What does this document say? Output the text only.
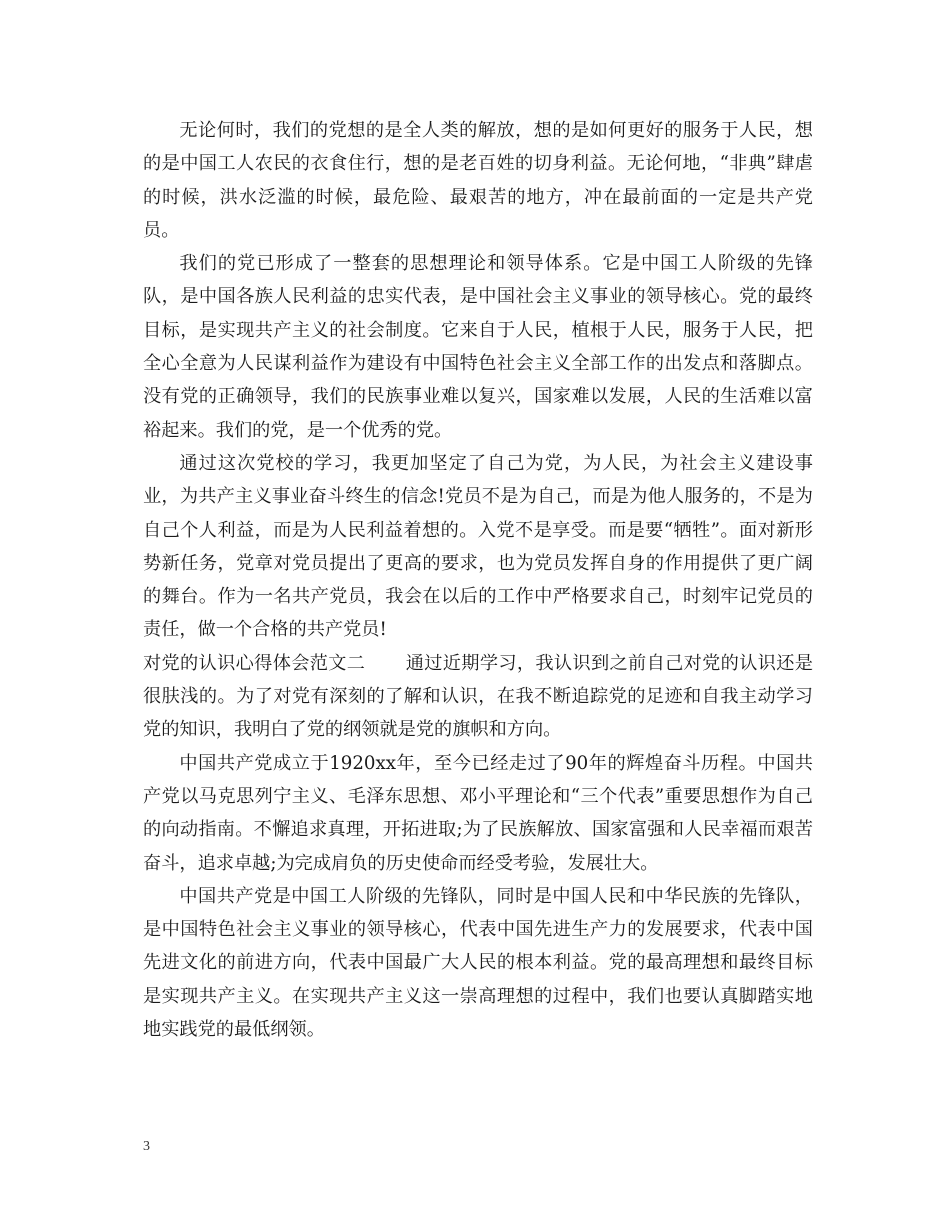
无论何时，我们的党想的是全人类的解放，想的是如何更好的服务于人民，想的是中国工人农民的衣食住行，想的是老百姓的切身利益。无论何地，“非典”肆虐的时候，洪水泛滥的时候，最危险、最艰苦的地方，冲在最前面的一定是共产党员。

我们的党已形成了一整套的思想理论和领导体系。它是中国工人阶级的先锋队，是中国各族人民利益的忠实代表，是中国社会主义事业的领导核心。党的最终目标，是实现共产主义的社会制度。它来自于人民，植根于人民，服务于人民，把全心全意为人民谋利益作为建设有中国特色社会主义全部工作的出发点和落脚点。没有党的正确领导，我们的民族事业难以复兴，国家难以发展，人民的生活难以富裕起来。我们的党，是一个优秀的党。

通过这次党校的学习，我更加坚定了自己为党，为人民，为社会主义建设事业，为共产主义事业奋斗终生的信念!党员不是为自己，而是为他人服务的，不是为自己个人利益，而是为人民利益着想的。入党不是享受。而是要“牺牲”。面对新形势新任务，党章对党员提出了更高的要求，也为党员发挥自身的作用提供了更广阔的舞台。作为一名共产党员，我会在以后的工作中严格要求自己，时刻牢记党员的责任，做一个合格的共产党员!

对党的认识心得体会范文二 通过近期学习，我认识到之前自己对党的认识还是很肤浅的。为了对党有深刻的了解和认识，在我不断追踪党的足迹和自我主动学习党的知识，我明白了党的纲领就是党的旗帜和方向。

中国共产党成立于1920xx年，至今已经走过了90年的辉煌奋斗历程。中国共产党以马克思列宁主义、毛泽东思想、邓小平理论和“三个代表”重要思想作为自己的向动指南。不懈追求真理，开拓进取;为了民族解放、国家富强和人民幸福而艰苦奋斗，追求卓越;为完成肩负的历史使命而经受考验，发展壮大。

中国共产党是中国工人阶级的先锋队，同时是中国人民和中华民族的先锋队，是中国特色社会主义事业的领导核心，代表中国先进生产力的发展要求，代表中国先进文化的前进方向，代表中国最广大人民的根本利益。党的最高理想和最终目标是实现共产主义。在实现共产主义这一崇高理想的过程中，我们也要认真脚踏实地地实践党的最低纲领。

3
